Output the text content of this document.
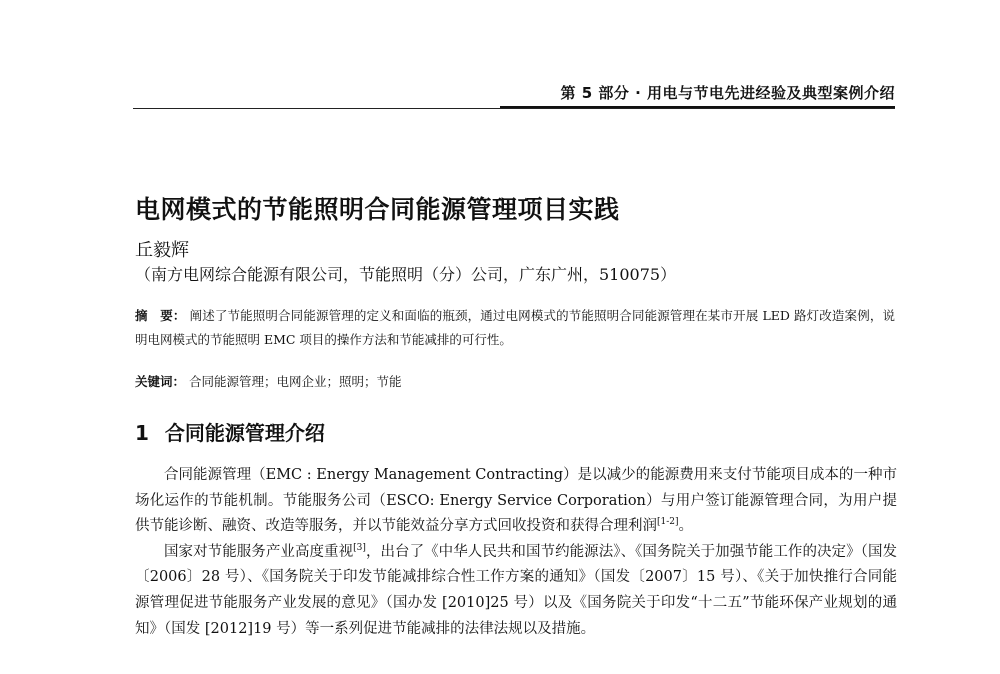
第 5 部分 · 用电与节电先进经验及典型案例介绍
电网模式的节能照明合同能源管理项目实践
丘毅辉
（南方电网综合能源有限公司，节能照明（分）公司，广东广州，510075）
摘　要： 阐述了节能照明合同能源管理的定义和面临的瓶颈，通过电网模式的节能照明合同能源管理在某市开展 LED 路灯改造案例，说明电网模式的节能照明 EMC 项目的操作方法和节能减排的可行性。
关键词： 合同能源管理；电网企业；照明；节能
1 合同能源管理介绍

合同能源管理（EMC : Energy Management Contracting）是以减少的能源费用来支付节能项目成本的一种市场化运作的节能机制。节能服务公司（ESCO: Energy Service Corporation）与用户签订能源管理合同，为用户提供节能诊断、融资、改造等服务，并以节能效益分享方式回收投资和获得合理利润[1-2]。

国家对节能服务产业高度重视[3]，出台了《中华人民共和国节约能源法》、《国务院关于加强节能工作的决定》（国发〔2006〕28 号）、《国务院关于印发节能减排综合性工作方案的通知》（国发〔2007〕15 号）、《关于加快推行合同能源管理促进节能服务产业发展的意见》（国办发 [2010]25 号）以及《国务院关于印发“十二五”节能环保产业规划的通知》（国发 [2012]19 号）等一系列促进节能减排的法律法规以及措施。
